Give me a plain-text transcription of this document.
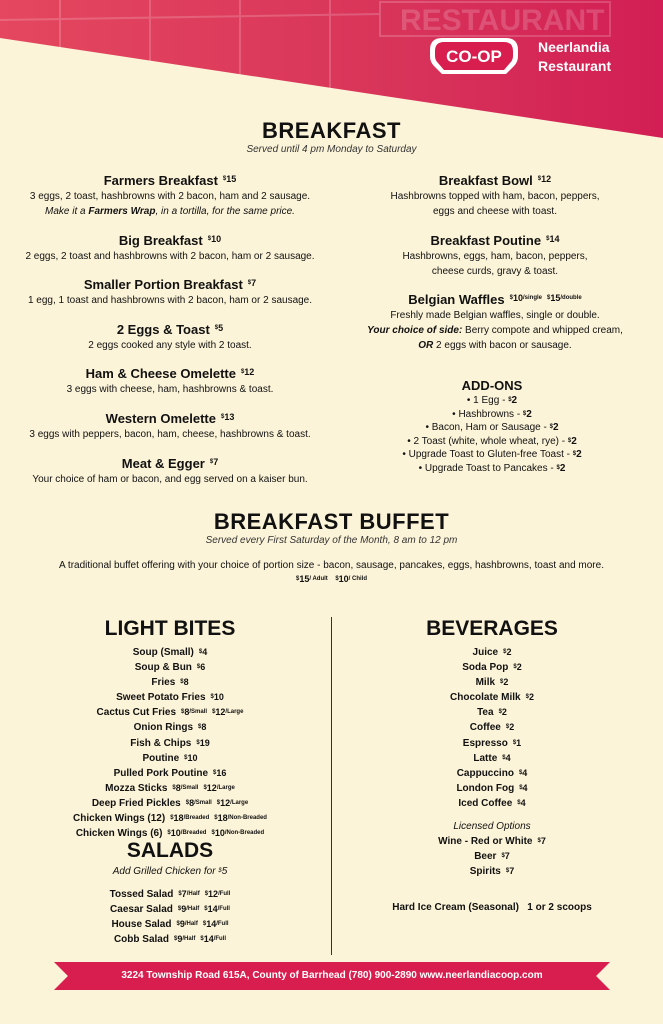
RESTAURANT
CO-OP	Neerlandia
Restaurant
BREAKFAST
Served until 4 pm Monday to Saturday
Farmers Breakfast $^{^{\$}15}$
3 eggs, 2 toast, hashbrowns with 2 bacon, ham and 2 sausage.
Make it a Farmers Wrap, in a tortilla, for the same price.
Big Breakfast $^{^{\$}10}$
2 eggs, 2 toast and hashbrowns with 2 bacon, ham or 2 sausage.
Smaller Portion Breakfast $^{^{\$}7}$
1 egg, 1 toast and hashbrowns with 2 bacon, ham or 2 sausage.
2 Eggs & Toast $^{^{\$}5}$
2 eggs cooked any style with 2 toast.
Ham & Cheese Omelette $^{^{\$}12}$
3 eggs with cheese, ham, hashbrowns & toast.
Western Omelette $^{^{\$}13}$
3 eggs with peppers, bacon, ham, cheese, hashbrowns & toast.
Meat & Egger $^{^{\$}7}$
Your choice of ham or bacon, and egg served on a kaiser bun.
Breakfast Bowl $^{^{\$}12}$
Hashbrowns topped with ham, bacon, peppers,
eggs and cheese with toast.
Breakfast Poutine $^{^{\$}14}$
Hashbrowns, eggs, ham, bacon, peppers,
cheese curds, gravy & toast.
Belgian Waffles $^{^{\$}10^{/single}}$ $^{^{\$}15^{/double}}$
Freshly made Belgian waffles, single or double.
Your choice of side: Berry compote and whipped cream,
OR 2 eggs with bacon or sausage.
ADD-ONS
• 1 Egg - $2
• Hashbrowns - $2
• Bacon, Ham or Sausage - $2
• 2 Toast (white, whole wheat, rye) - $2
• Upgrade Toast to Gluten-free Toast - $2
• Upgrade Toast to Pancakes - $2
BREAKFAST BUFFET
Served every First Saturday of the Month, 8 am to 12 pm
A traditional buffet offering with your choice of portion size - bacon, sausage, pancakes, eggs, hashbrowns, toast and more.
$^{\$}15^{/ Adult}$ $^{\$}10^{/ Child}$
LIGHT BITES
Soup (Small) $4
Soup & Bun $6
Fries $8
Sweet Potato Fries $10
Cactus Cut Fries $^{\$}8^{/Small}$ $^{\$}12^{/Large}$
Onion Rings $8
Fish & Chips $19
Poutine $10
Pulled Pork Poutine $16
Mozza Sticks $^{\$}8^{/Small}$ $^{\$}12^{/Large}$
Deep Fried Pickles $^{\$}8^{/Small}$ $^{\$}12^{/Large}$
Chicken Wings (12) $^{\$}18^{/Breaded}$ $^{\$}18^{/Non-Breaded}$
Chicken Wings (6) $^{\$}10^{/Breaded}$ $^{\$}10^{/Non-Breaded}$
SALADS
Add Grilled Chicken for $5
Tossed Salad $^{\$}7^{/Half}$ $^{\$}12^{/Full}$
Caesar Salad $^{\$}9^{/Half}$ $^{\$}14^{/Full}$
House Salad $^{\$}9^{/Half}$ $^{\$}14^{/Full}$
Cobb Salad $^{\$}9^{/Half}$ $^{\$}14^{/Full}$
BEVERAGES
Juice $2
Soda Pop $2
Milk $2
Chocolate Milk $2
Tea $2
Coffee $2
Espresso $1
Latte $4
Cappuccino $4
London Fog $4
Iced Coffee $4
Licensed Options
Wine - Red or White $7
Beer $7
Spirits $7
Hard Ice Cream (Seasonal) 1 or 2 scoops
3224 Township Road 615A, County of Barrhead (780) 900-2890 www.neerlandiacoop.com
